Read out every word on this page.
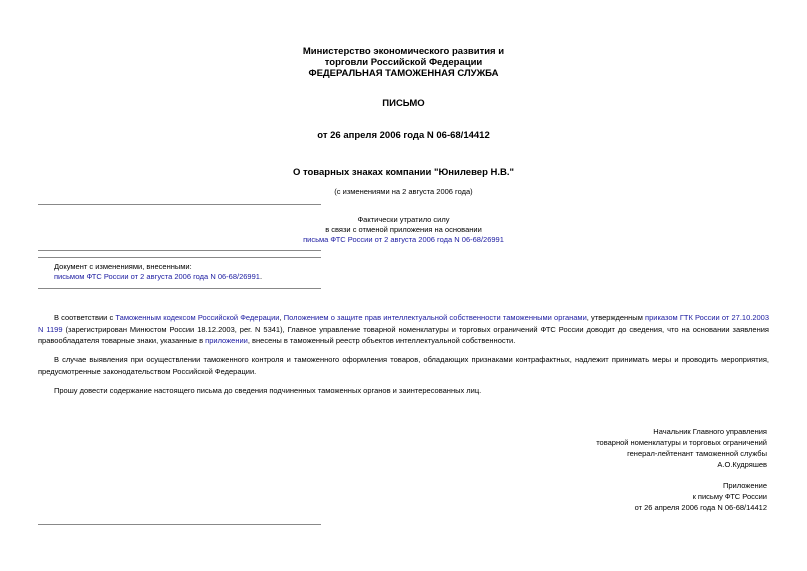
Министерство экономического развития и
торговли Российской Федерации
ФЕДЕРАЛЬНАЯ ТАМОЖЕННАЯ СЛУЖБА
ПИСЬМО
от 26 апреля 2006 года N 06-68/14412
О товарных знаках компании "Юнилевер Н.В."
(с изменениями на 2 августа 2006 года)
Фактически утратило силу
в связи с отменой приложения на основании
письма ФТС России от 2 августа 2006 года N 06-68/26991
Документ с изменениями, внесенными:
письмом ФТС России от 2 августа 2006 года N 06-68/26991.
В соответствии с Таможенным кодексом Российской Федерации, Положением о защите прав интеллектуальной собственности таможенными органами, утвержденным приказом ГТК России от 27.10.2003 N 1199 (зарегистрирован Минюстом России 18.12.2003, рег. N 5341), Главное управление товарной номенклатуры и торговых ограничений ФТС России доводит до сведения, что на основании заявления правообладателя товарные знаки, указанные в приложении, внесены в таможенный реестр объектов интеллектуальной собственности.
В случае выявления при осуществлении таможенного контроля и таможенного оформления товаров, обладающих признаками контрафактных, надлежит принимать меры и проводить мероприятия, предусмотренные законодательством Российской Федерации.
Прошу довести содержание настоящего письма до сведения подчиненных таможенных органов и заинтересованных лиц.
Начальник Главного управления
товарной номенклатуры и торговых ограничений
генерал-лейтенант таможенной службы
А.О.Кудряшев
Приложение
к письму ФТС России
от 26 апреля 2006 года N 06-68/14412
